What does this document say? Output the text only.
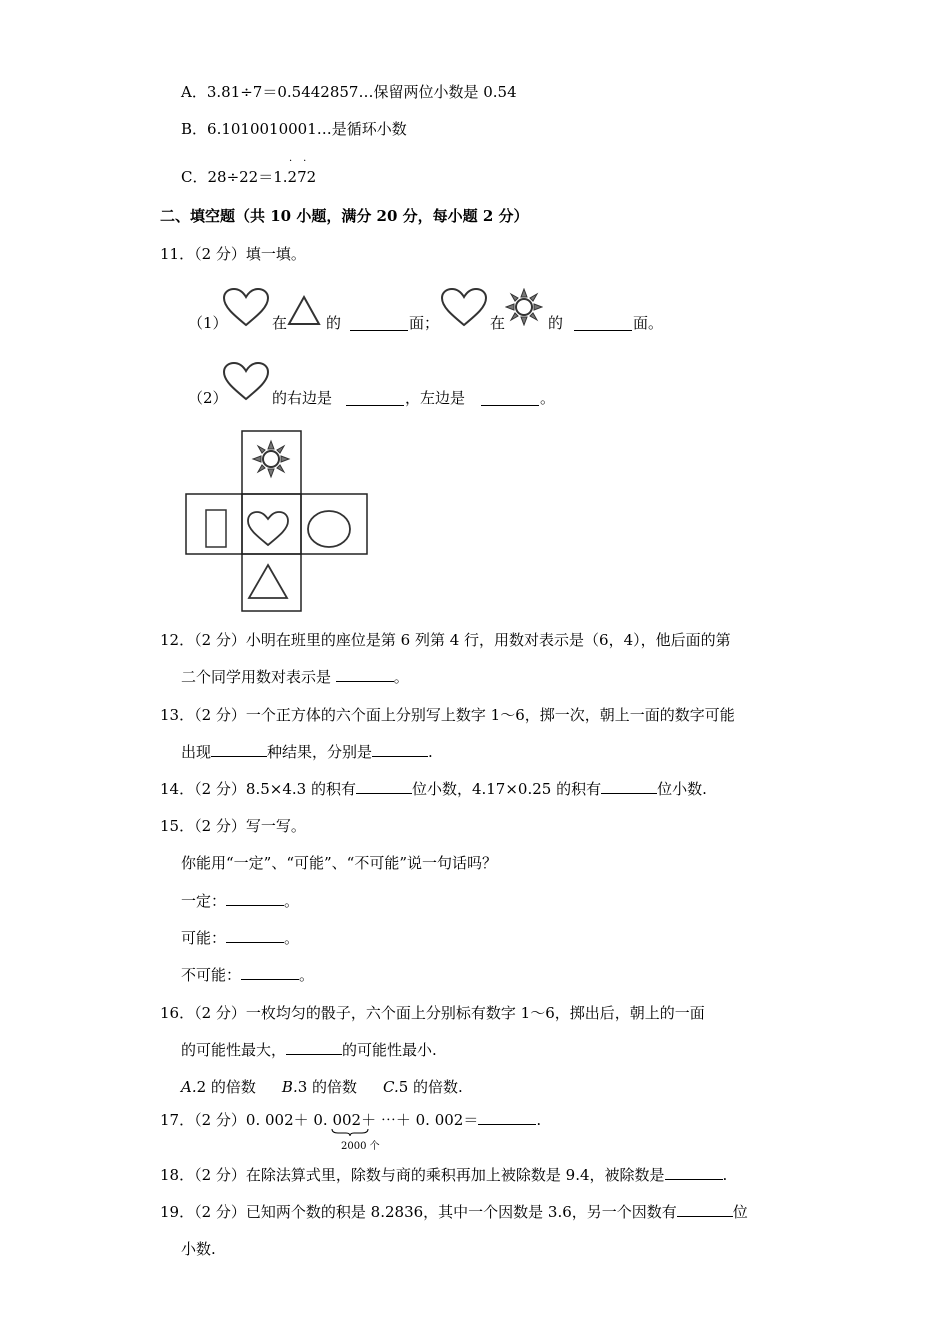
A．3.81÷7＝0.5442857…保留两位小数是 0.54
B．6.1010010001…是循环小数
C．28÷22＝1.272
··
二、填空题（共 10 小题，满分 20 分，每小题 2 分）
11．（2 分）填一填。
（1）	在	的	面；	在	的	面。
（2）	的右边是	，左边是	。
12．（2 分）小明在班里的座位是第 6 列第 4 行，用数对表示是（6，4），他后面的第
二个同学用数对表示是	。
13．（2 分）一个正方体的六个面上分别写上数字 1～6，掷一次，朝上一面的数字可能
出现	种结果，分别是	.
14．（2 分）8.5×4.3 的积有	位小数，4.17×0.25 的积有	位小数.
15．（2 分）写一写。
你能用“一定”、“可能”、“不可能”说一句话吗？
一定：	。
可能：	。
不可能：	。
16．（2 分）一枚均匀的骰子，六个面上分别标有数字 1～6，掷出后，朝上的一面
的可能性最大，	的可能性最小.
A.2 的倍数 B.3 的倍数 C.5 的倍数.
17．（2 分）0. 002＋ 0. 002＋ ⋯＋ 0. 002＝	.
2000 个
18．（2 分）在除法算式里，除数与商的乘积再加上被除数是 9.4，被除数是	.
19．（2 分）已知两个数的积是 8.2836，其中一个因数是 3.6，另一个因数有	位
小数.
